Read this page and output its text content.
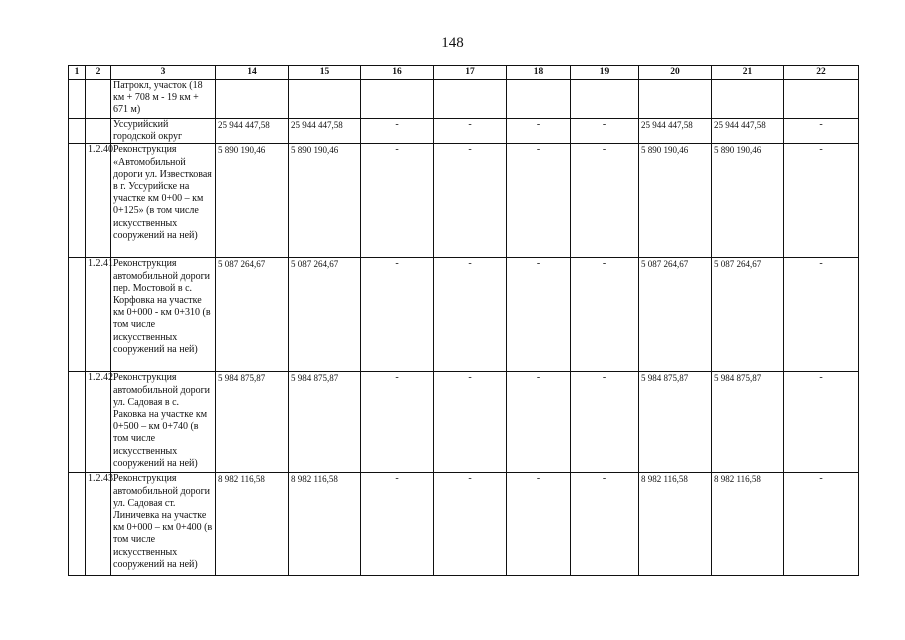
148
1	2	3	14	15	16	17	18	19	20	21	22
		Патрокл, участок (18 км + 708 м - 19 км + 671 м)									
		Уссурийский городской округ	25 944 447,58	25 944 447,58	-	-	-	-	25 944 447,58	25 944 447,58	-
	1.2.40.	Реконструкция «Автомобильной дороги ул. Известковая в г. Уссурийске на участке км 0+00 – км 0+125» (в том числе искусственных сооружений на ней)	5 890 190,46	5 890 190,46	-	-	-	-	5 890 190,46	5 890 190,46	-
	1.2.41.	Реконструкция автомобильной дороги пер. Мостовой в с. Корфовка на участке км 0+000 - км 0+310 (в том числе искусственных сооружений на ней)	5 087 264,67	5 087 264,67	-	-	-	-	5 087 264,67	5 087 264,67	-
	1.2.42.	Реконструкция автомобильной дороги ул. Садовая в с. Раковка на участке км 0+500 – км 0+740 (в том числе искусственных сооружений на ней)	5 984 875,87	5 984 875,87	-	-	-	-	5 984 875,87	5 984 875,87	-
	1.2.43.	Реконструкция автомобильной дороги ул. Садовая ст. Линичевка на участке км 0+000 – км 0+400 (в том числе искусственных сооружений на ней)	8 982 116,58	8 982 116,58	-	-	-	-	8 982 116,58	8 982 116,58	-
